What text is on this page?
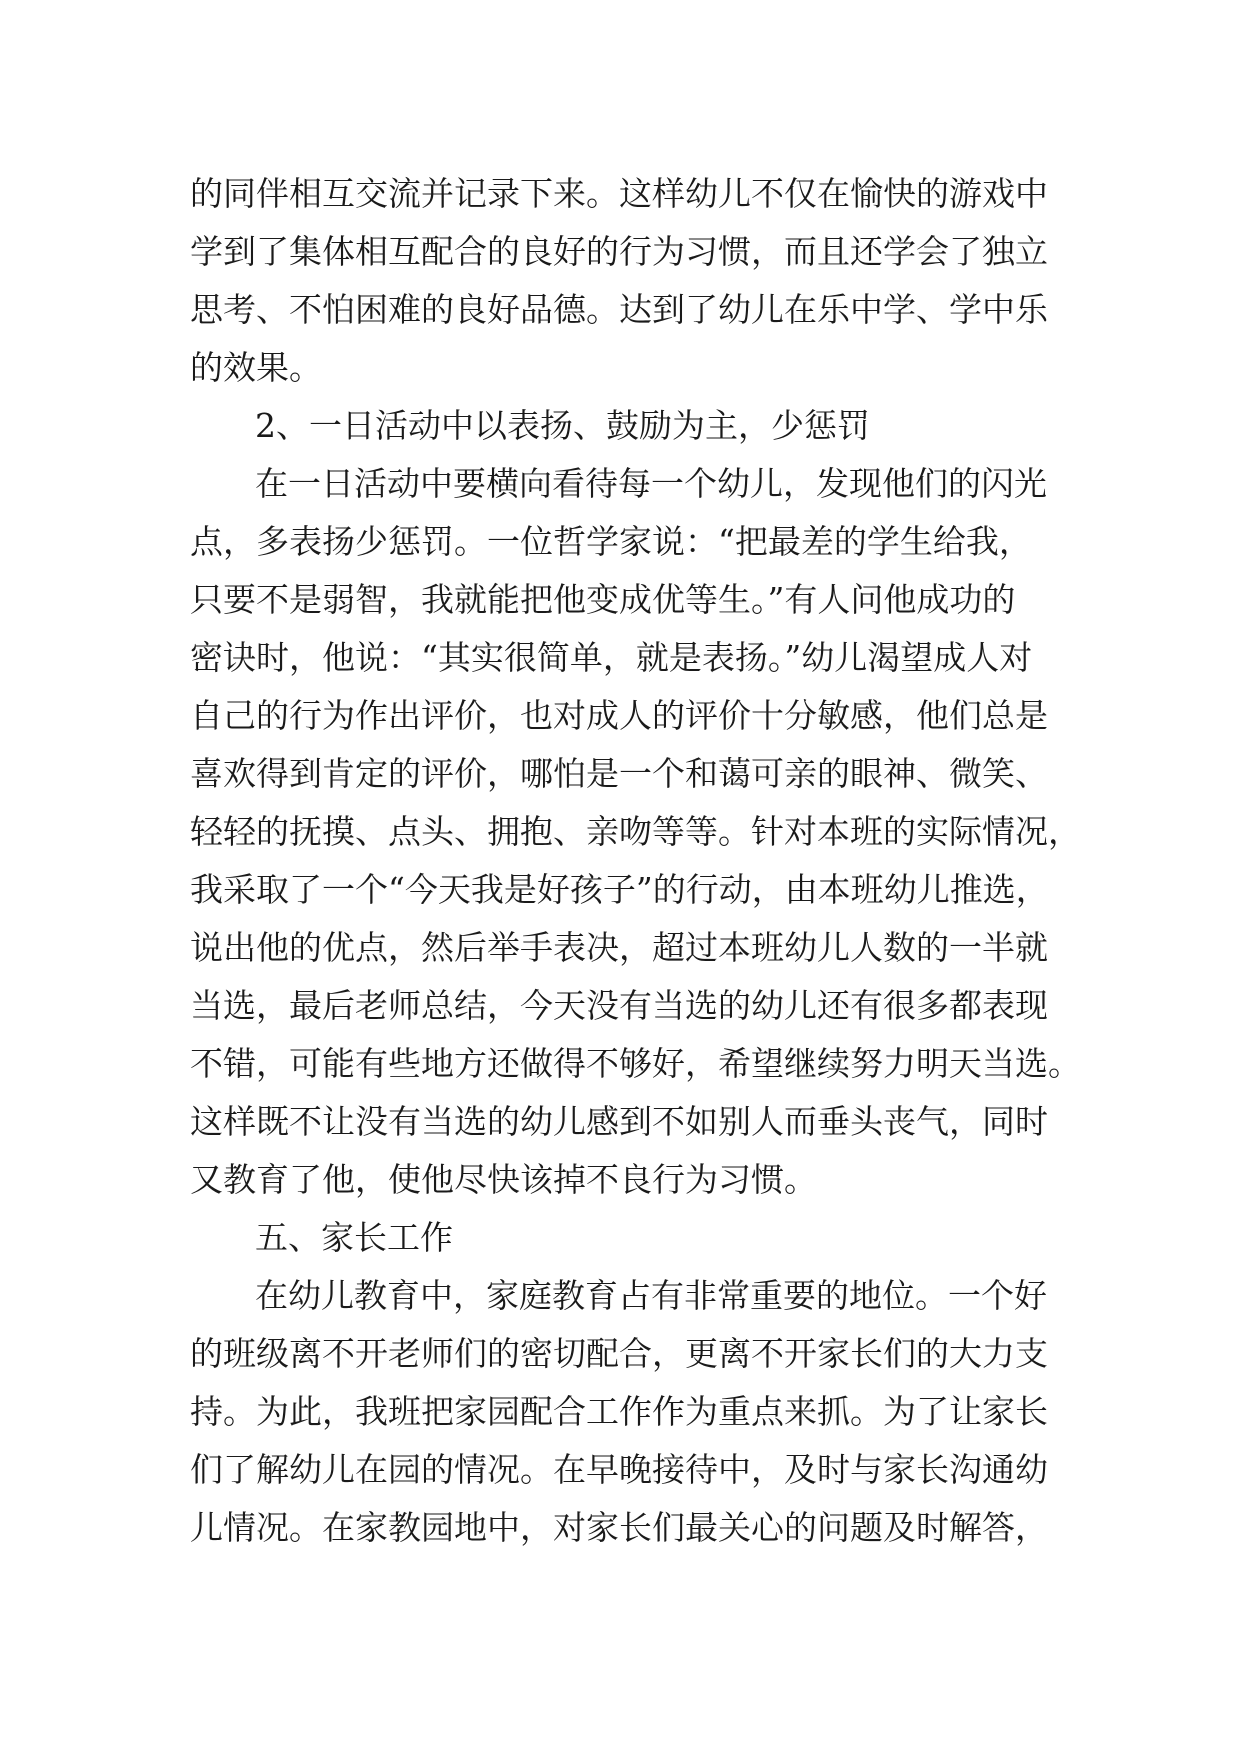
的同伴相互交流并记录下来。这样幼儿不仅在愉快的游戏中
学到了集体相互配合的良好的行为习惯，而且还学会了独立
思考、不怕困难的良好品德。达到了幼儿在乐中学、学中乐
的效果。
2、一日活动中以表扬、鼓励为主，少惩罚
在一日活动中要横向看待每一个幼儿，发现他们的闪光
点，多表扬少惩罚。一位哲学家说：“把最差的学生给我，
只要不是弱智，我就能把他变成优等生。”有人问他成功的
密诀时，他说：“其实很简单，就是表扬。”幼儿渴望成人对
自己的行为作出评价，也对成人的评价十分敏感，他们总是
喜欢得到肯定的评价，哪怕是一个和蔼可亲的眼神、微笑、
轻轻的抚摸、点头、拥抱、亲吻等等。针对本班的实际情况，
我采取了一个“今天我是好孩子”的行动，由本班幼儿推选，
说出他的优点，然后举手表决，超过本班幼儿人数的一半就
当选，最后老师总结，今天没有当选的幼儿还有很多都表现
不错，可能有些地方还做得不够好，希望继续努力明天当选。
这样既不让没有当选的幼儿感到不如别人而垂头丧气，同时
又教育了他，使他尽快该掉不良行为习惯。
五、家长工作
在幼儿教育中，家庭教育占有非常重要的地位。一个好
的班级离不开老师们的密切配合，更离不开家长们的大力支
持。为此，我班把家园配合工作作为重点来抓。为了让家长
们了解幼儿在园的情况。在早晚接待中，及时与家长沟通幼
儿情况。在家教园地中，对家长们最关心的问题及时解答，
